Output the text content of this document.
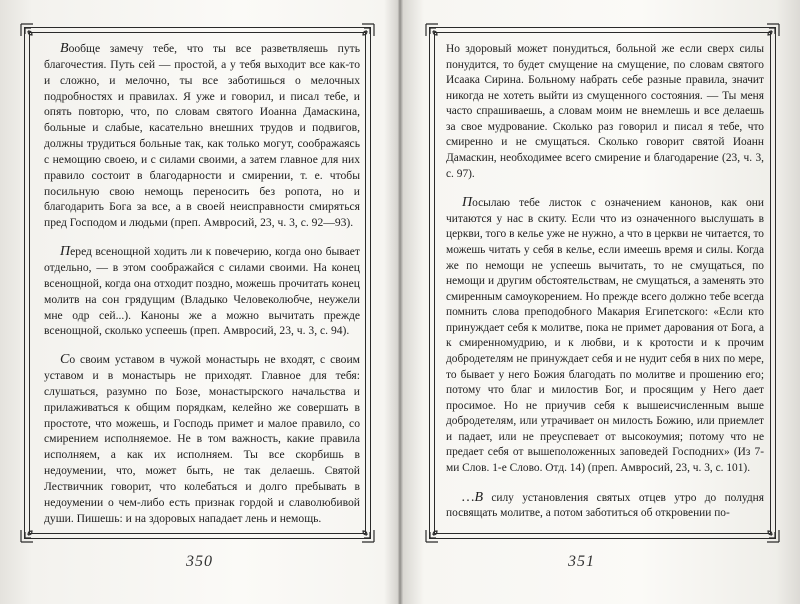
Вообще замечу тебе, что ты все разветвляешь путь благочестия. Путь сей — простой, а у тебя выходит все как-то и сложно, и мелочно, ты все заботишься о мелочных подробностях и правилах. Я уже и говорил, и писал тебе, и опять повторю, что, по словам святого Иоанна Дамаскина, больные и слабые, касательно внешних трудов и подвигов, должны трудиться больные так, как только могут, соображаясь с немощию своею, и с силами своими, а затем главное для них правило состоит в благодарности и смирении, т. е. чтобы посильную свою немощь переносить без ропота, но и благодарить Бога за все, а в своей неисправности смиряться пред Господом и людьми (преп. Амвросий, 23, ч. 3, с. 92—93).

Перед всенощной ходить ли к повечерию, когда оно бывает отдельно, — в этом соображайся с силами своими. На конец всенощной, когда она отходит поздно, можешь прочитать конец молитв на сон грядущим (Владыко Человеколюбче, неужели мне одр сей...). Каноны же а можно вычитать прежде всенощной, сколько успеешь (преп. Амвросий, 23, ч. 3, с. 94).

Со своим уставом в чужой монастырь не входят, с своим уставом и в монастырь не приходят. Главное для тебя: слушаться, разумно по Бозе, монастырского начальства и прилаживаться к общим порядкам, келейно же совершать в простоте, что можешь, и Господь примет и малое правило, со смирением исполняемое. Не в том важность, какие правила исполняем, а как их исполняем. Ты все скорбишь в недоумении, что, может быть, не так делаешь. Святой Лествичник говорит, что колебаться и долго пребывать в недоумении о чем-либо есть признак гордой и славолюбивой души. Пишешь: и на здоровых нападает лень и немощь.

350

Но здоровый может понудиться, больной же если сверх силы понудится, то будет смущение на смущение, по словам святого Исаака Сирина. Больному набрать себе разные правила, значит никогда не хотеть выйти из смущенного состояния. — Ты меня часто спрашиваешь, а словам моим не внемлешь и все делаешь за свое мудрование. Сколько раз говорил и писал я тебе, что смиренно и не смущаться. Сколько говорит святой Иоанн Дамаскин, необходимее всего смирение и благодарение (23, ч. 3, с. 97).

Посылаю тебе листок с означением канонов, как они читаются у нас в скиту. Если что из означенного выслушать в церкви, того в келье уже не нужно, а что в церкви не читается, то можешь читать у себя в келье, если имеешь время и силы. Когда же по немощи не успеешь вычитать, то не смущаться, по немощи и другим обстоятельствам, не смущаться, а заменять это смиренным самоукорением. Но прежде всего должно тебе всегда помнить слова преподобного Макария Египетского: «Если кто принуждает себя к молитве, пока не примет дарования от Бога, а к смиренномудрию, и к любви, и к кротости и к прочим добродетелям не принуждает себя и не нудит себя в них по мере, то бывает у него Божия благодать по молитве и прошению его; потому что благ и милостив Бог, и просящим у Него дает просимое. Но не приучив себя к вышеисчисленным выше добродетелям, или утрачивает он милость Божию, или приемлет и падает, или не преуспевает от высокоумия; потому что не предает себя от вышеположенных заповедей Господних» (Из 7-ми Слов. 1-е Слово. Отд. 14) (преп. Амвросий, 23, ч. 3, с. 101).

…В силу установления святых отцев утро до полудня посвящать молитве, а потом заботиться об откровении по-

351
